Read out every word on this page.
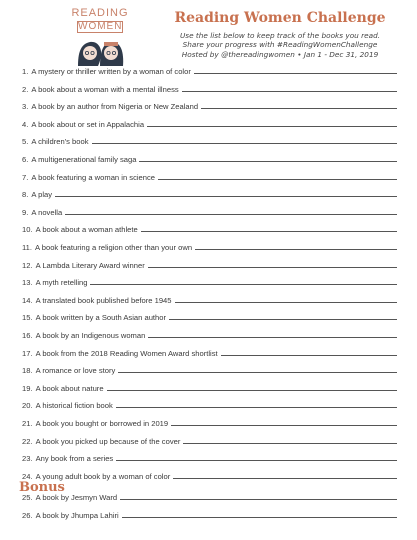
READING
WOMEN
Reading Women Challenge
Use the list below to keep track of the books you read.
Share your progress with #ReadingWomenChallenge
Hosted by @thereadingwomen • Jan 1 - Dec 31, 2019
1. A mystery or thriller written by a woman of color
2. A book about a woman with a mental illness
3. A book by an author from Nigeria or New Zealand
4. A book about or set in Appalachia
5. A children's book
6. A multigenerational family saga
7. A book featuring a woman in science
8. A play
9. A novella
10. A book about a woman athlete
11. A book featuring a religion other than your own
12. A Lambda Literary Award winner
13. A myth retelling
14. A translated book published before 1945
15. A book written by a South Asian author
16. A book by an Indigenous woman
17. A book from the 2018 Reading Women Award shortlist
18. A romance or love story
19. A book about nature
20. A historical fiction book
21. A book you bought or borrowed in 2019
22. A book you picked up because of the cover
23. Any book from a series
24. A young adult book by a woman of color
Bonus
25. A book by Jesmyn Ward
26. A book by Jhumpa Lahiri
